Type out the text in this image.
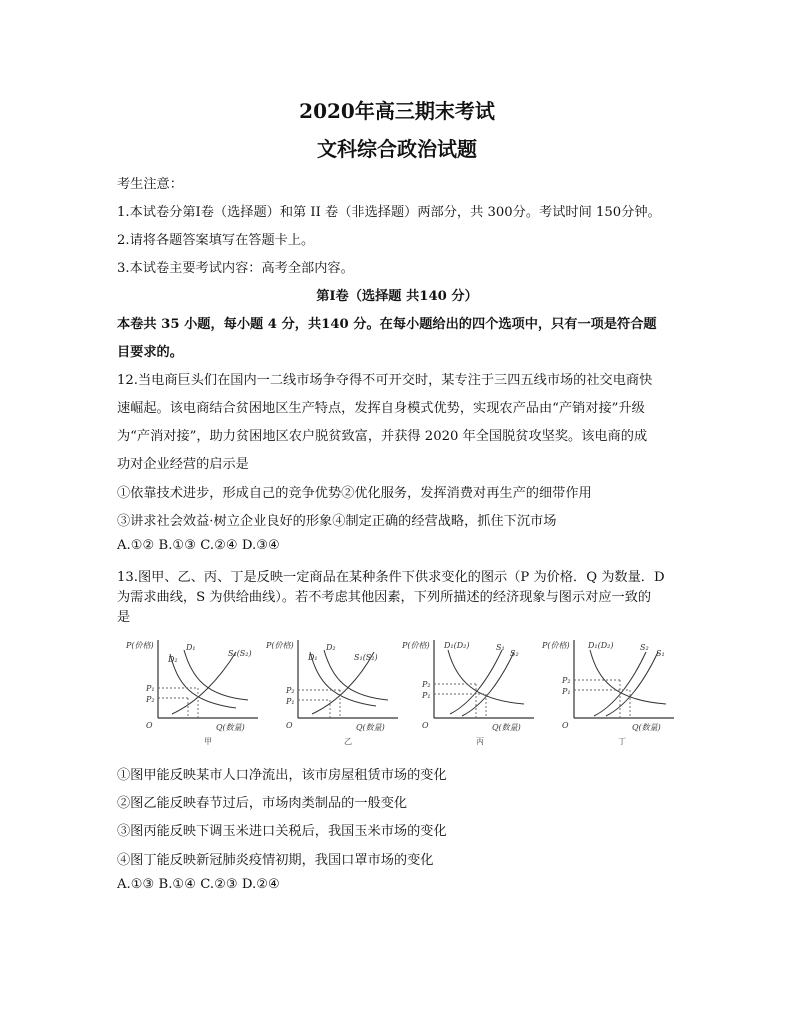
2020年高三期末考试
文科综合政治试题
考生注意：
1.本试卷分第Ⅰ卷（选择题）和第 II 卷（非选择题）两部分，共 300分。考试时间 150分钟。
2.请将各题答案填写在答题卡上。
3.本试卷主要考试内容：高考全部内容。
第Ⅰ卷（选择题 共140 分）
本卷共 35 小题，每小题 4 分，共140 分。在每小题给出的四个选项中，只有一项是符合题
目要求的。
12.当电商巨头们在国内一二线市场争夺得不可开交时，某专注于三四五线市场的社交电商快
速崛起。该电商结合贫困地区生产特点，发挥自身模式优势，实现农产品由“产销对接”升级
为“产消对接”，助力贫困地区农户脱贫致富，并获得 2020 年全国脱贫攻坚奖。该电商的成
功对企业经营的启示是
①依靠技术进步，形成自己的竞争优势②优化服务，发挥消费对再生产的细带作用
③讲求社会效益·树立企业良好的形象④制定正确的经营战略，抓住下沉市场
A.①② B.①③ C.②④ D.③④
13.图甲、乙、丙、丁是反映一定商品在某种条件下供求变化的图示（P 为价格．Q 为数量．D
为需求曲线，S 为供给曲线）。若不考虑其他因素，下列所描述的经济现象与图示对应一致的
是
P(价格)
O	Q(数量)
D₂
D₁
S₁(S₂)
P₁
P₂
甲
P(价格)
O	Q(数量)
D₁
D₂
S₁(S₂)
P₂
P₁
乙
P(价格)
O	Q(数量)
D₁(D₂)	S₁
S₂
P₂
P₁
丙
P(价格)
O	Q(数量)
D₁(D₂)	S₂
S₁
P₂
P₁
丁
①图甲能反映某市人口净流出，该市房屋租赁市场的变化
②图乙能反映春节过后，市场肉类制品的一般变化
③图丙能反映下调玉米进口关税后，我国玉米市场的变化
④图丁能反映新冠肺炎疫情初期，我国口罩市场的变化
A.①③ B.①④ C.②③ D.②④
